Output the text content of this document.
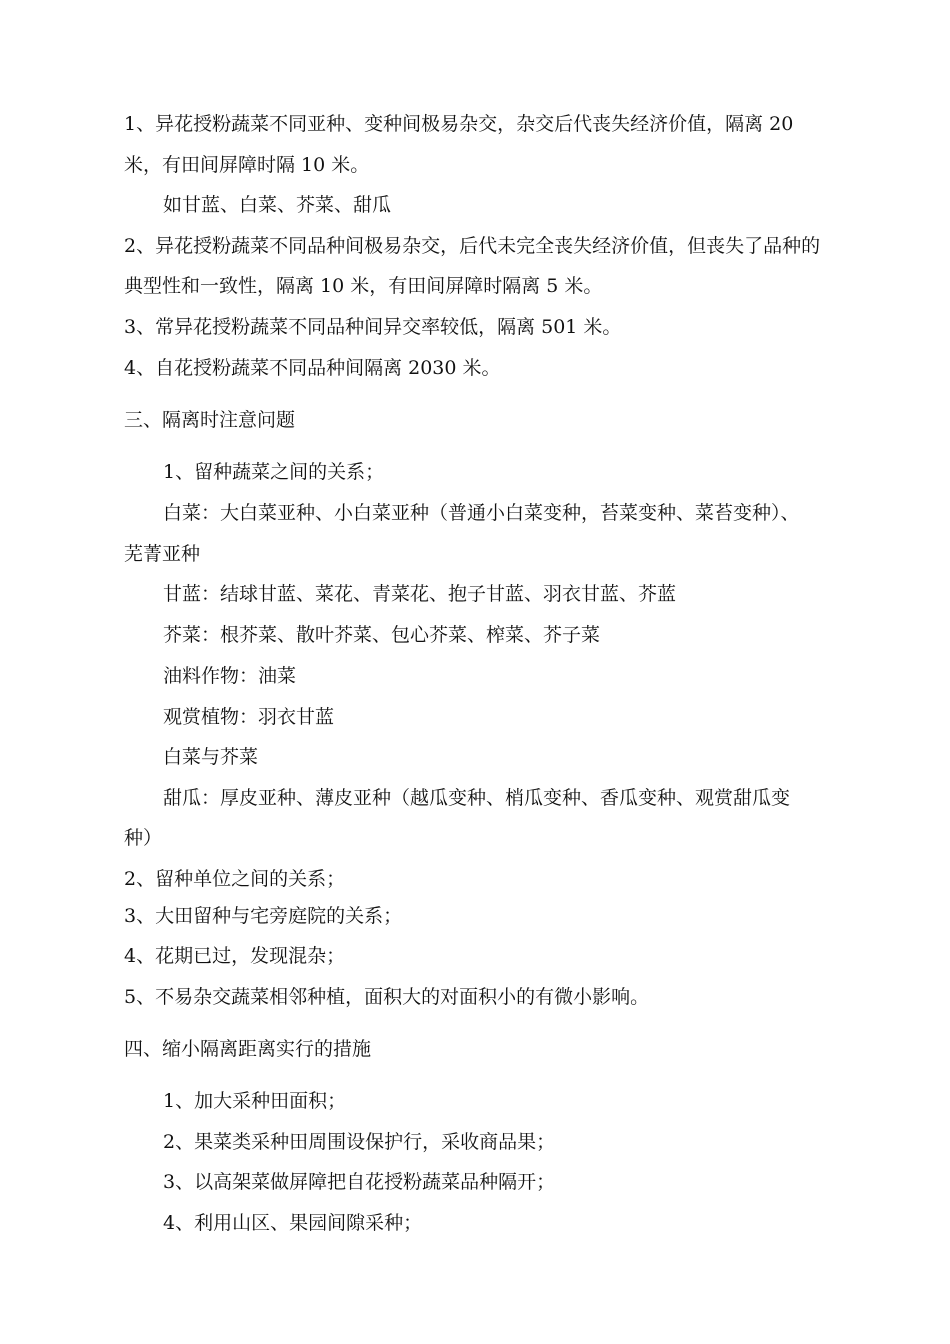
1、异花授粉蔬菜不同亚种、变种间极易杂交，杂交后代丧失经济价值，隔离 20
米，有田间屏障时隔 10 米。
如甘蓝、白菜、芥菜、甜瓜
2、异花授粉蔬菜不同品种间极易杂交，后代未完全丧失经济价值，但丧失了品种的
典型性和一致性，隔离 10 米，有田间屏障时隔离 5 米。
3、常异花授粉蔬菜不同品种间异交率较低，隔离 501 米。
4、自花授粉蔬菜不同品种间隔离 2030 米。
三、隔离时注意问题
1、留种蔬菜之间的关系；
白菜：大白菜亚种、小白菜亚种（普通小白菜变种，苔菜变种、菜苔变种）、
芜菁亚种
甘蓝：结球甘蓝、菜花、青菜花、抱子甘蓝、羽衣甘蓝、芥蓝
芥菜：根芥菜、散叶芥菜、包心芥菜、榨菜、芥子菜
油料作物：油菜
观赏植物：羽衣甘蓝
白菜与芥菜
甜瓜：厚皮亚种、薄皮亚种（越瓜变种、梢瓜变种、香瓜变种、观赏甜瓜变
种）
2、留种单位之间的关系；
3、大田留种与宅旁庭院的关系；
4、花期已过，发现混杂；
5、不易杂交蔬菜相邻种植，面积大的对面积小的有微小影响。
四、缩小隔离距离实行的措施
1、加大采种田面积；
2、果菜类采种田周围设保护行，采收商品果；
3、以高架菜做屏障把自花授粉蔬菜品种隔开；
4、利用山区、果园间隙采种；
